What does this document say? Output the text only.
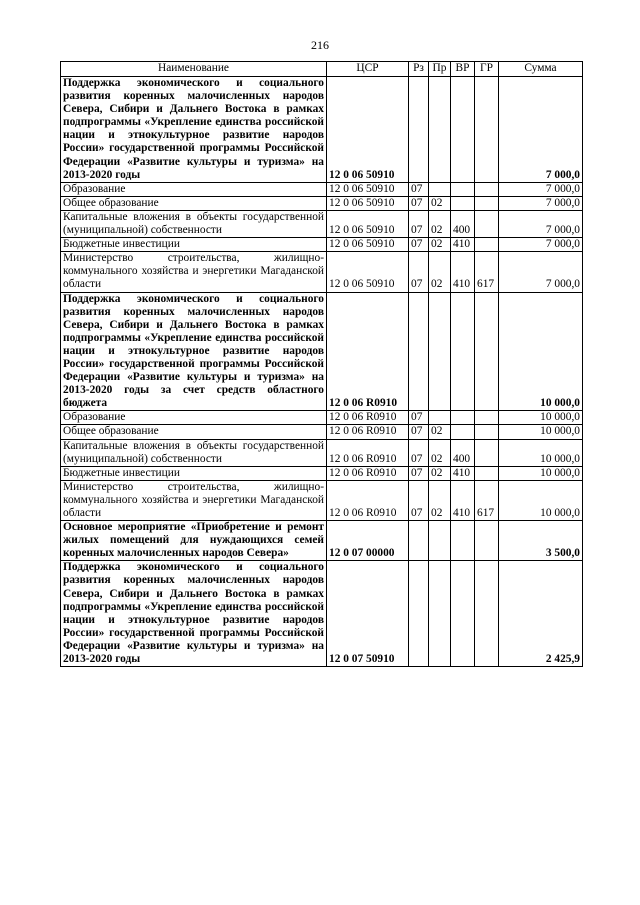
216
Наименование	ЦСР	Рз	Пр	ВР	ГР	Сумма
Поддержка экономического и социального развития коренных малочисленных народов Севера, Сибири и Дальнего Востока в рамках подпрограммы «Укрепление единства российской нации и этнокультурное развитие народов России» государственной программы Российской Федерации «Развитие культуры и туризма» на 2013-2020 годы	12 0 06 50910					7 000,0
Образование	12 0 06 50910	07				7 000,0
Общее образование	12 0 06 50910	07	02			7 000,0
Капитальные вложения в объекты государственной (муниципальной) собственности	12 0 06 50910	07	02	400		7 000,0
Бюджетные инвестиции	12 0 06 50910	07	02	410		7 000,0
Министерство строительства, жилищно-коммунального хозяйства и энергетики Магаданской области	12 0 06 50910	07	02	410	617	7 000,0
Поддержка экономического и социального развития коренных малочисленных народов Севера, Сибири и Дальнего Востока в рамках подпрограммы «Укрепление единства российской нации и этнокультурное развитие народов России» государственной программы Российской Федерации «Развитие культуры и туризма» на 2013-2020 годы за счет средств областного бюджета	12 0 06 R0910					10 000,0
Образование	12 0 06 R0910	07				10 000,0
Общее образование	12 0 06 R0910	07	02			10 000,0
Капитальные вложения в объекты государственной (муниципальной) собственности	12 0 06 R0910	07	02	400		10 000,0
Бюджетные инвестиции	12 0 06 R0910	07	02	410		10 000,0
Министерство строительства, жилищно-коммунального хозяйства и энергетики Магаданской области	12 0 06 R0910	07	02	410	617	10 000,0
Основное мероприятие «Приобретение и ремонт жилых помещений для нуждающихся семей коренных малочисленных народов Севера»	12 0 07 00000					3 500,0
Поддержка экономического и социального развития коренных малочисленных народов Севера, Сибири и Дальнего Востока в рамках подпрограммы «Укрепление единства российской нации и этнокультурное развитие народов России» государственной программы Российской Федерации «Развитие культуры и туризма» на 2013-2020 годы	12 0 07 50910					2 425,9
